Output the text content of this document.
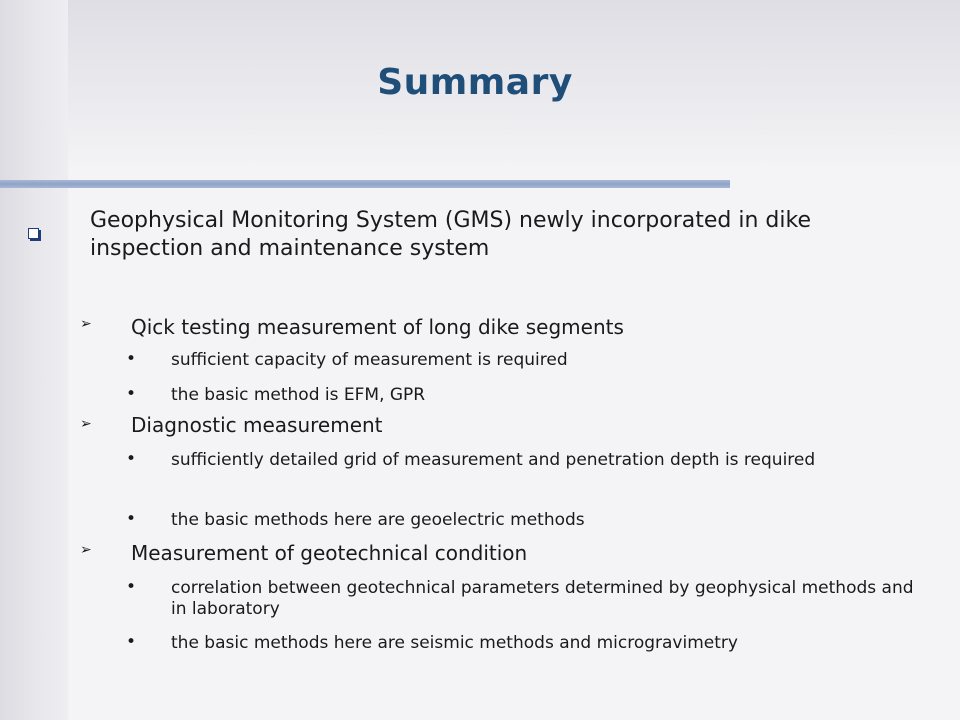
Summary
Geophysical Monitoring System (GMS) newly incorporated in dike inspection and maintenance system
➢ Qick testing measurement of long dike segments
• sufficient capacity of measurement is required
• the basic method is EFM, GPR
➢ Diagnostic measurement
• sufficiently detailed grid of measurement and penetration depth is required
• the basic methods here are geoelectric methods
➢ Measurement of geotechnical condition
• correlation between geotechnical parameters determined by geophysical methods and in laboratory
• the basic methods here are seismic methods and microgravimetry
